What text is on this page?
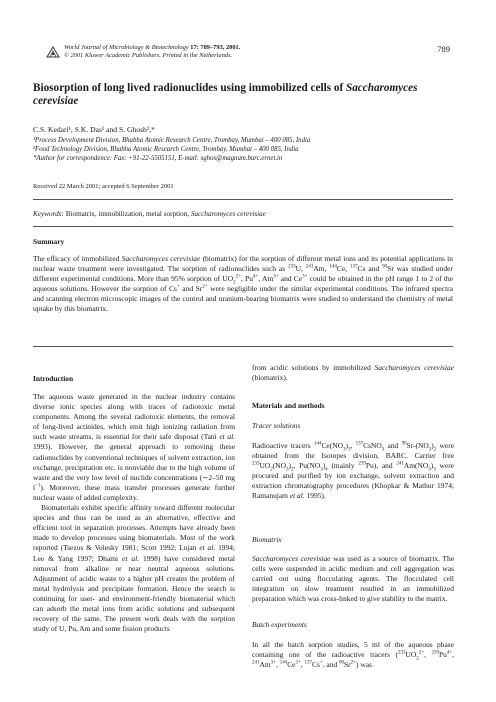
World Journal of Microbiology & Biotechnology 17: 789–793, 2001.
© 2001 Kluwer Academic Publishers. Printed in the Netherlands.
789
Biosorption of long lived radionuclides using immobilized cells of Saccharomyces
cerevisiae
C.S. Kedari¹, S.K. Das¹ and S. Ghosh²,*
¹Process Development Division, Bhabha Atomic Research Centre, Trombay, Mumbai – 400 085, India
²Food Technology Division, Bhabha Atomic Research Centre, Trombay, Mumbai – 400 085, India
*Author for correspondence: Fax: +91-22-5505151, E-mail: sghos@magnum.barc.ernet.in
Received 22 March 2001; accepted 6 September 2001
Keywords: Biomatrix, immobilization, metal sorption, Saccharomyces cerevisiae
Summary
The efficacy of immobilized Saccharomyces cerevisiae (biomatrix) for the sorption of different metal ions and its potential applications in nuclear waste treatment were investigated. The sorption of radionuclides such as $^{233}$U, $^{241}$Am, $^{144}$Ce, $^{137}$Cs and $^{90}$Sr was studied under different experimental conditions. More than 95% sorption of $UO_2^{2+}$, $Pu^{4+}$, $Am^{3+}$ and $Ce^{3+}$ could be obtained in the pH range 1 to 2 of the aqueous solutions. However the sorption of Cs+ and $Sr^{2+}$ were negligible under the similar experimental conditions. The infrared spectra and scanning electron microscopic images of the control and uranium-bearing biomatrix were studied to understand the chemistry of metal uptake by this biomatrix.
Introduction

The aqueous waste generated in the nuclear industry contains diverse ionic species along with traces of radiotoxic metal components. Among the several radiotoxic elements, the removal of long-lived actinides, which emit high ionizing radiation from such waste streams, is essential for their safe disposal (Tani et al. 1993). However, the general approach to removing these radionuclides by conventional techniques of solvent extraction, ion exchange, precipitation etc. is nonviable due to the high volume of waste and the very low level of nuclide concentrations (∼2–50 mg $l^{-1}$). Moreover, these mass transfer processes generate further nuclear waste of added complexity.

Biomaterials exhibit specific affinity toward different molecular species and thus can be used as an alternative, effective and efficient tool in separation processes. Attempts have already been made to develop processes using biomaterials. Most of the work reported (Tsezos & Volesky 1981; Scott 1992; Lujan et al. 1994; Lee & Yang 1997; Dhami et al. 1998) have considered metal removal from alkaline or near neutral aqueous solutions. Adjustment of acidic waste to a higher pH creates the problem of metal hydrolysis and precipitate formation. Hence the search is continuing for user- and environment-friendly biomaterial which can adsorb the metal ions from acidic solutions and subsequent recovery of the same. The present work deals with the sorption study of U, Pu, Am and some fission products

from acidic solutions by immobilized Saccharomyces cerevisiae (biomatrix).

Materials and methods
Tracer solutions

Radioactive tracers $^{144}Ce(NO_3)_3$, $^{137}$CsNO$_3$ and $^{90}Sr-(NO_3)_2$ were obtained from the Isotopes division, BARC. Carrier free $^{233}UO_2(NO_3)_2$, $Pu(NO_3)_4$ (mainly $^{239}$Pu), and $^{241}Am(NO_3)_3$ were procured and purified by ion exchange, solvent extraction and extraction chromatography procedures (Khopkar & Mathur 1974; Ramanujam et al. 1995).

Biomatrix

Saccharomyces cerevisiae was used as a source of biomatrix. The cells were suspended in acidic medium and cell aggregation was carried out using flocculating agents. The flocculated cell integration on slow treatment resulted in an immobilized preparation which was cross-linked to give stability to the matrix.

Batch experiments

In all the batch sorption studies, 5 ml of the aqueous phase containing one of the radioactive tracers ($^{233}UO_2^{2+}$, $^{239}Pu^{4+}$, $^{241}Am^{3+}$, $^{144}Ce^{3+}$, $^{137}$Cs+, and $^{90}Sr^{2+}$) was
